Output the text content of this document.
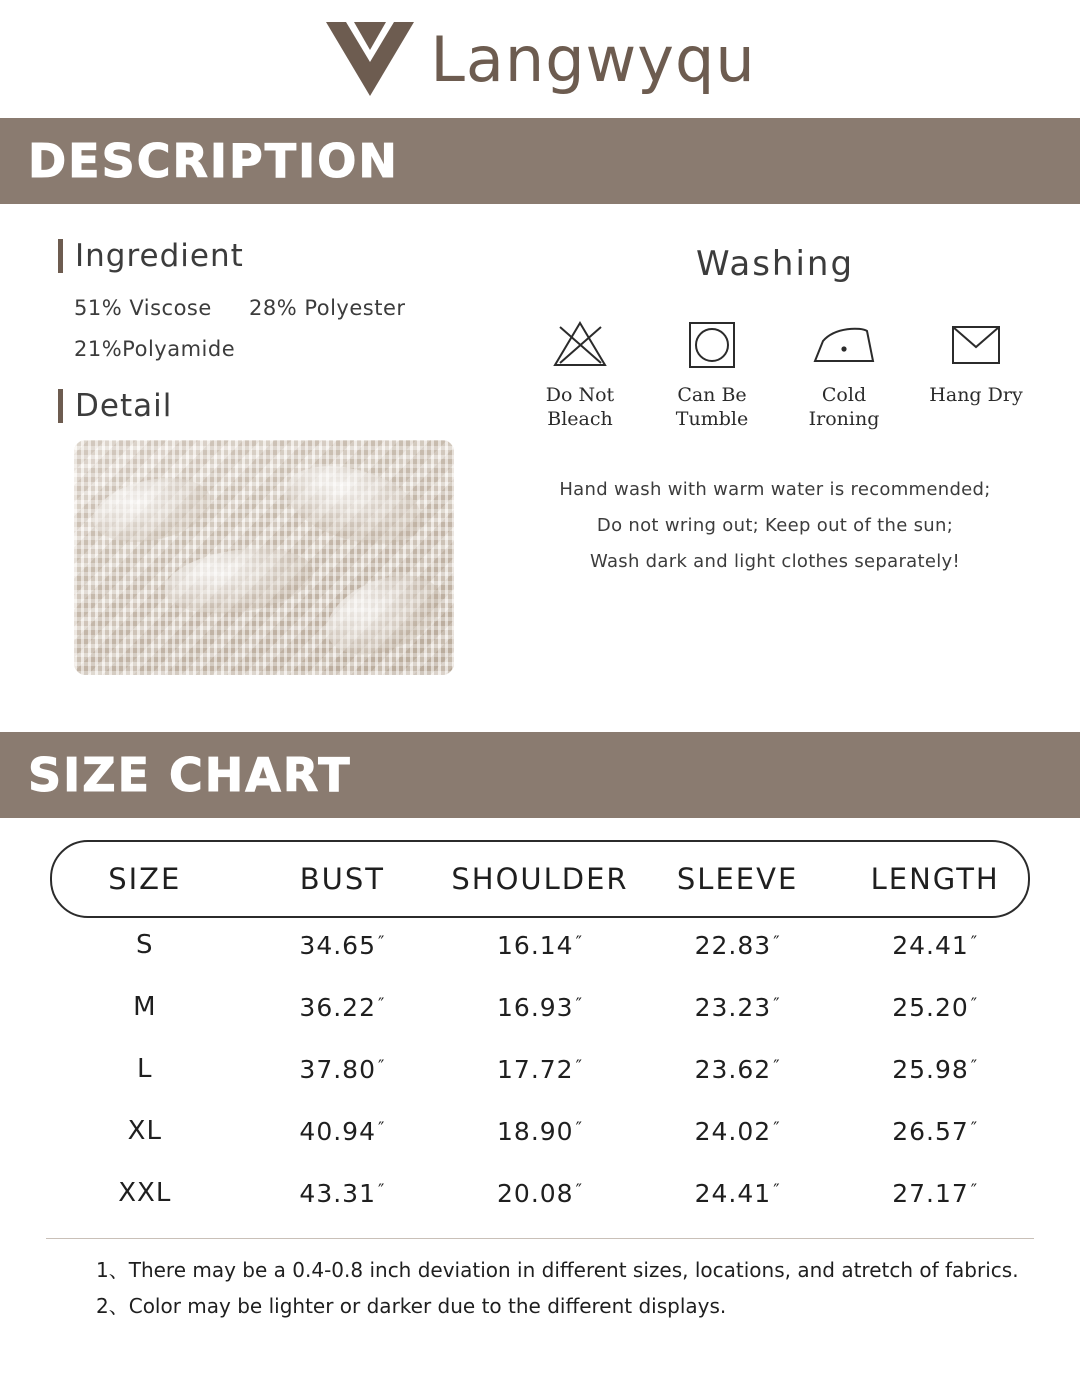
Langwyqu
DESCRIPTION
Ingredient
51% Viscose 28% Polyester
21%Polyamide
Detail
Washing
Do Not
Bleach
Can Be
Tumble
Cold
Ironing
Hang Dry
Hand wash with warm water is recommended;
Do not wring out; Keep out of the sun;
Wash dark and light clothes separately!
SIZE CHART
SIZE	BUST	SHOULDER	SLEEVE	LENGTH
S	34.65 ″	16.14 ″	22.83 ″	24.41 ″
M	36.22 ″	16.93 ″	23.23 ″	25.20 ″
L	37.80 ″	17.72 ″	23.62 ″	25.98 ″
XL	40.94 ″	18.90 ″	24.02 ″	26.57 ″
XXL	43.31 ″	20.08 ″	24.41 ″	27.17 ″
1、There may be a 0.4-0.8 inch deviation in different sizes, locations, and atretch of fabrics.
2、Color may be lighter or darker due to the different displays.
